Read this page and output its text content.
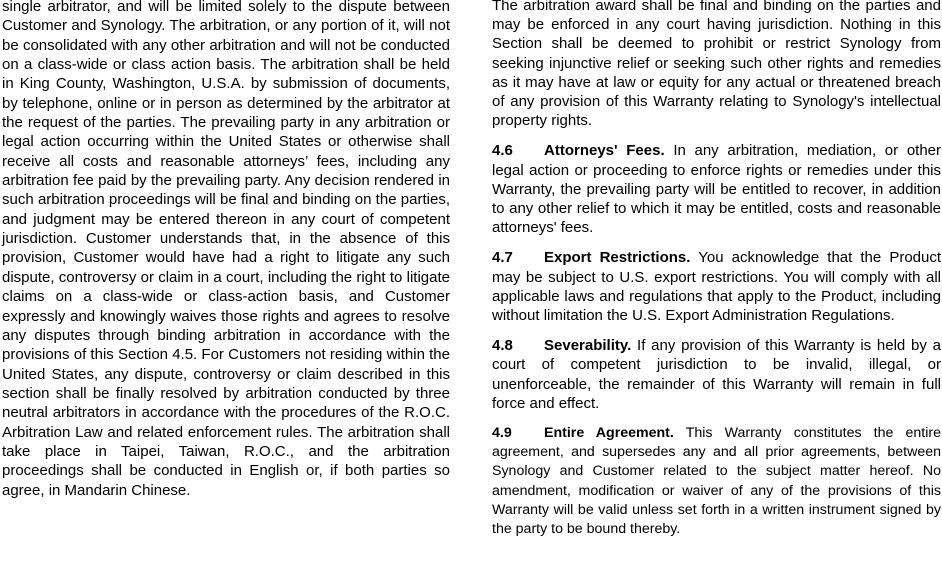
single arbitrator, and will be limited solely to the dispute between Customer and Synology. The arbitration, or any portion of it, will not be consolidated with any other arbitration and will not be conducted on a class-wide or class action basis. The arbitration shall be held in King County, Washington, U.S.A. by submission of documents, by telephone, online or in person as determined by the arbitrator at the request of the parties. The prevailing party in any arbitration or legal action occurring within the United States or otherwise shall receive all costs and reasonable attorneys’ fees, including any arbitration fee paid by the prevailing party. Any decision rendered in such arbitration proceedings will be final and binding on the parties, and judgment may be entered thereon in any court of competent jurisdiction. Customer understands that, in the absence of this provision, Customer would have had a right to litigate any such dispute, controversy or claim in a court, including the right to litigate claims on a class-wide or class-action basis, and Customer expressly and knowingly waives those rights and agrees to resolve any disputes through binding arbitration in accordance with the provisions of this Section 4.5. For Customers not residing within the United States, any dispute, controversy or claim described in this section shall be finally resolved by arbitration conducted by three neutral arbitrators in accordance with the procedures of the R.O.C. Arbitration Law and related enforcement rules. The arbitration shall take place in Taipei, Taiwan, R.O.C., and the arbitration proceedings shall be conducted in English or, if both parties so agree, in Mandarin Chinese.

The arbitration award shall be final and binding on the parties and may be enforced in any court having jurisdiction. Nothing in this Section shall be deemed to prohibit or restrict Synology from seeking injunctive relief or seeking such other rights and remedies as it may have at law or equity for any actual or threatened breach of any provision of this Warranty relating to Synology's intellectual property rights.

4.6 Attorneys' Fees. In any arbitration, mediation, or other legal action or proceeding to enforce rights or remedies under this Warranty, the prevailing party will be entitled to recover, in addition to any other relief to which it may be entitled, costs and reasonable attorneys' fees.

4.7 Export Restrictions. You acknowledge that the Product may be subject to U.S. export restrictions. You will comply with all applicable laws and regulations that apply to the Product, including without limitation the U.S. Export Administration Regulations.

4.8 Severability. If any provision of this Warranty is held by a court of competent jurisdiction to be invalid, illegal, or unenforceable, the remainder of this Warranty will remain in full force and effect.

4.9 Entire Agreement. This Warranty constitutes the entire agreement, and supersedes any and all prior agreements, between Synology and Customer related to the subject matter hereof. No amendment, modification or waiver of any of the provisions of this Warranty will be valid unless set forth in a written instrument signed by the party to be bound thereby.
